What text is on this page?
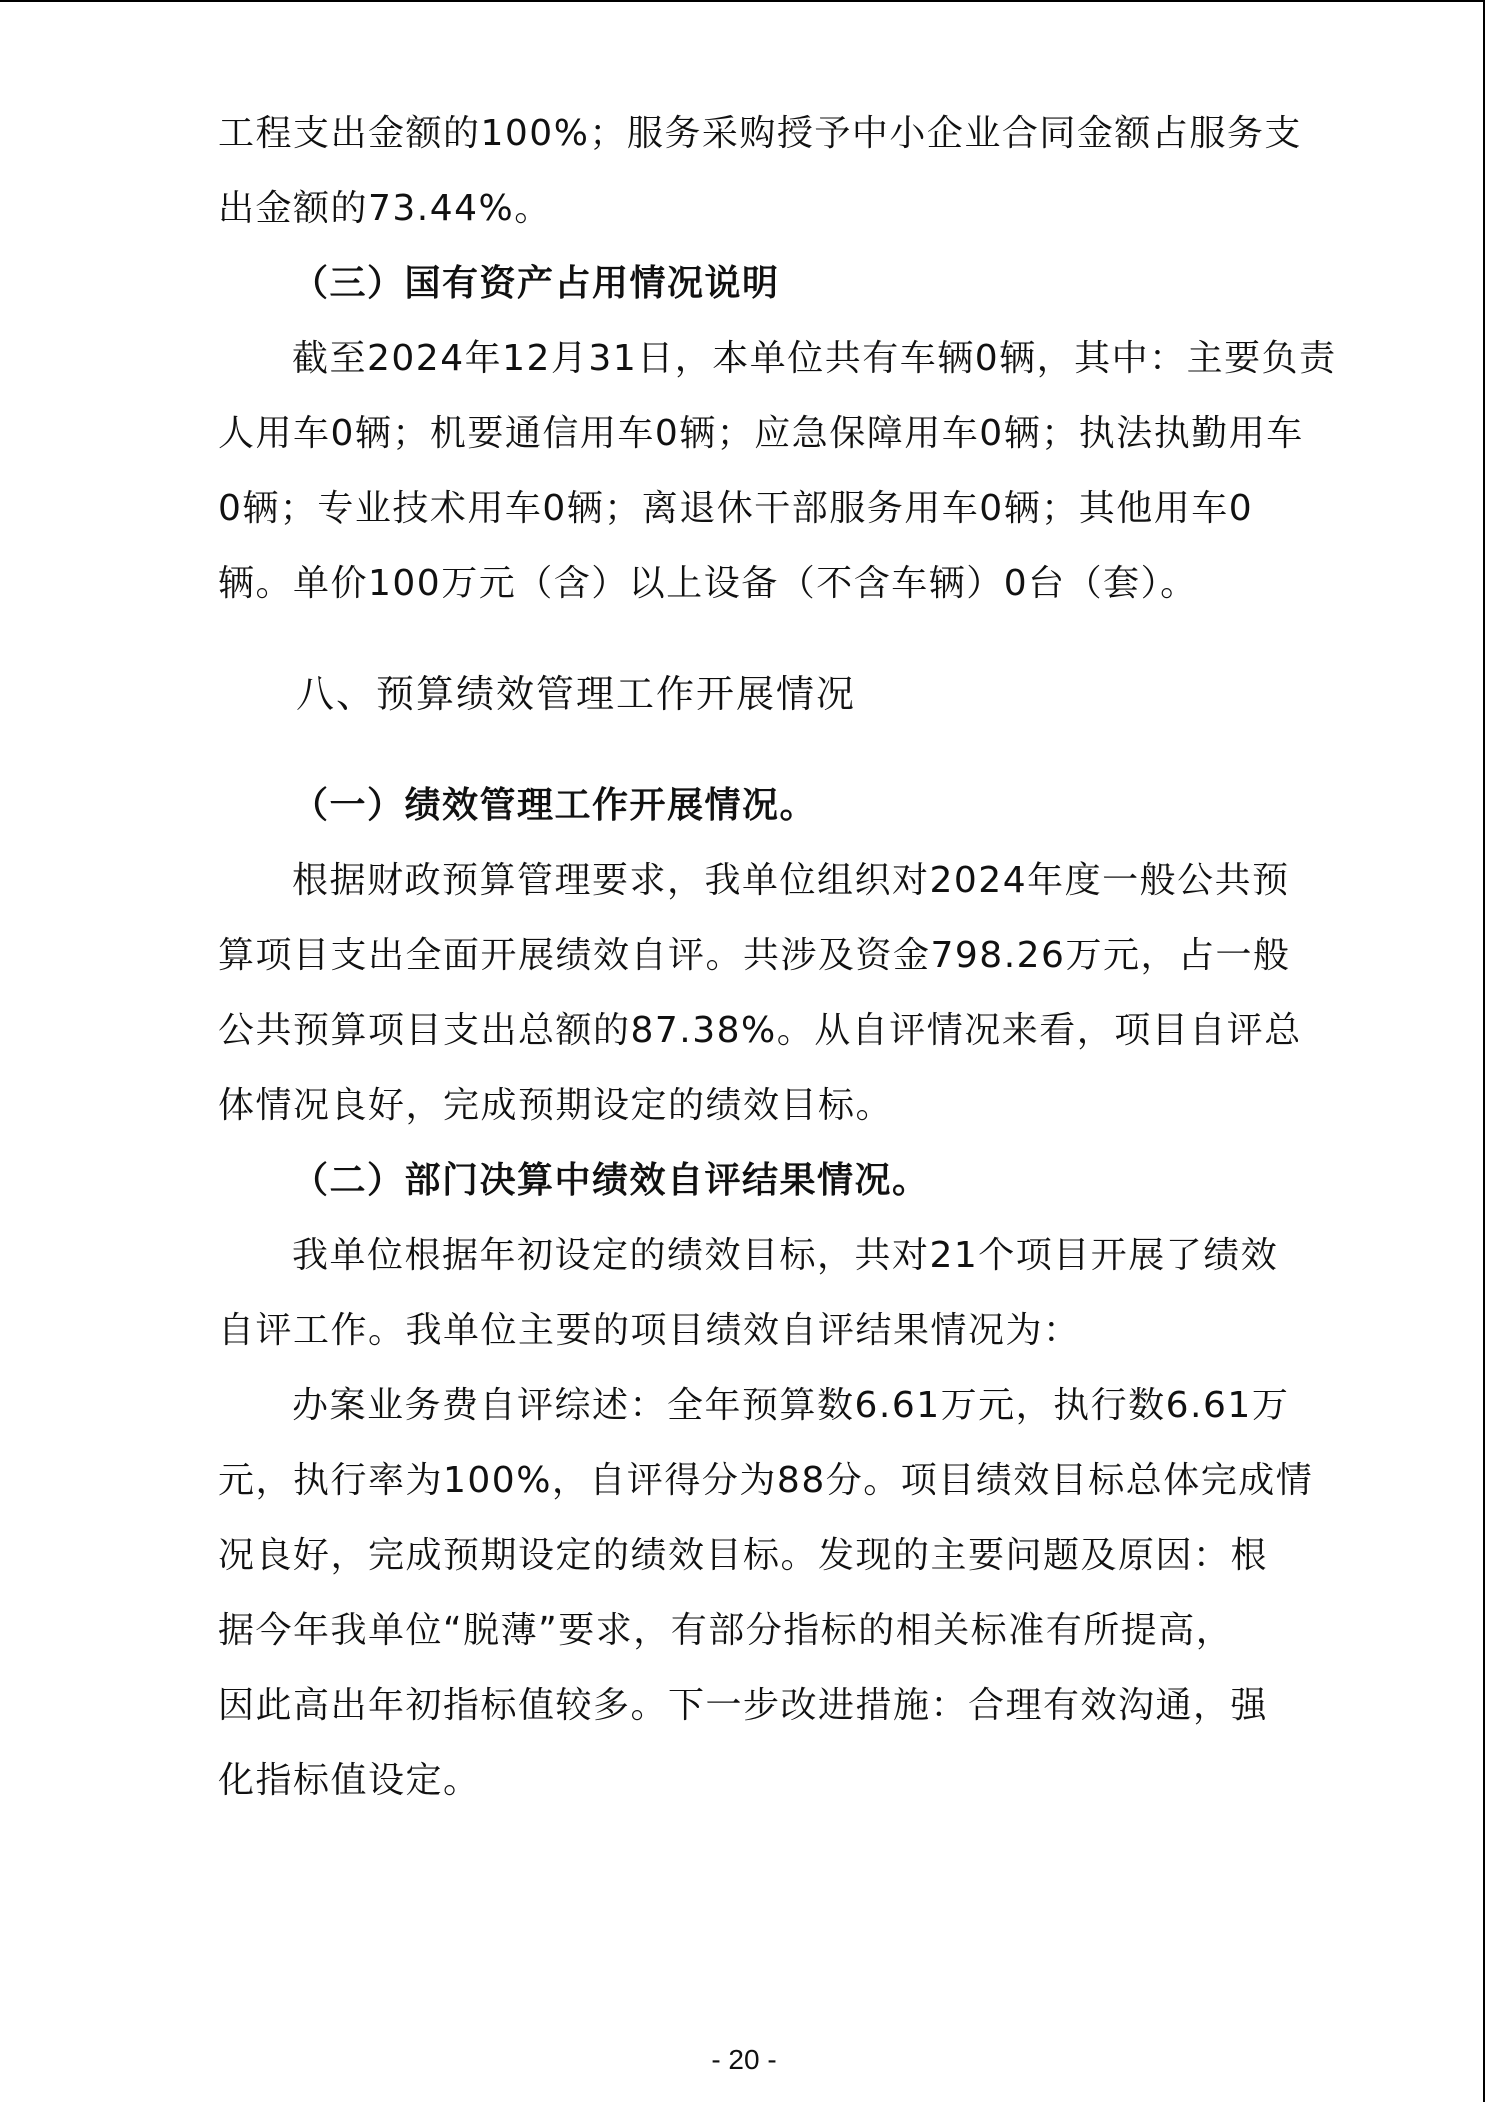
工程支出金额的100%；服务采购授予中小企业合同金额占服务支
出金额的73.44%。
（三）国有资产占用情况说明
截至2024年12月31日，本单位共有车辆0辆，其中：主要负责
人用车0辆；机要通信用车0辆；应急保障用车0辆；执法执勤用车
0辆；专业技术用车0辆；离退休干部服务用车0辆；其他用车0
辆。单价100万元（含）以上设备（不含车辆）0台（套）。
八、预算绩效管理工作开展情况
（一）绩效管理工作开展情况。
根据财政预算管理要求，我单位组织对2024年度一般公共预
算项目支出全面开展绩效自评。共涉及资金798.26万元，占一般
公共预算项目支出总额的87.38%。从自评情况来看，项目自评总
体情况良好，完成预期设定的绩效目标。
（二）部门决算中绩效自评结果情况。
我单位根据年初设定的绩效目标，共对21个项目开展了绩效
自评工作。我单位主要的项目绩效自评结果情况为：
办案业务费自评综述：全年预算数6.61万元，执行数6.61万
元，执行率为100%，自评得分为88分。项目绩效目标总体完成情
况良好，完成预期设定的绩效目标。发现的主要问题及原因：根
据今年我单位“脱薄”要求，有部分指标的相关标准有所提高，
因此高出年初指标值较多。下一步改进措施：合理有效沟通，强
化指标值设定。
- 20 -
